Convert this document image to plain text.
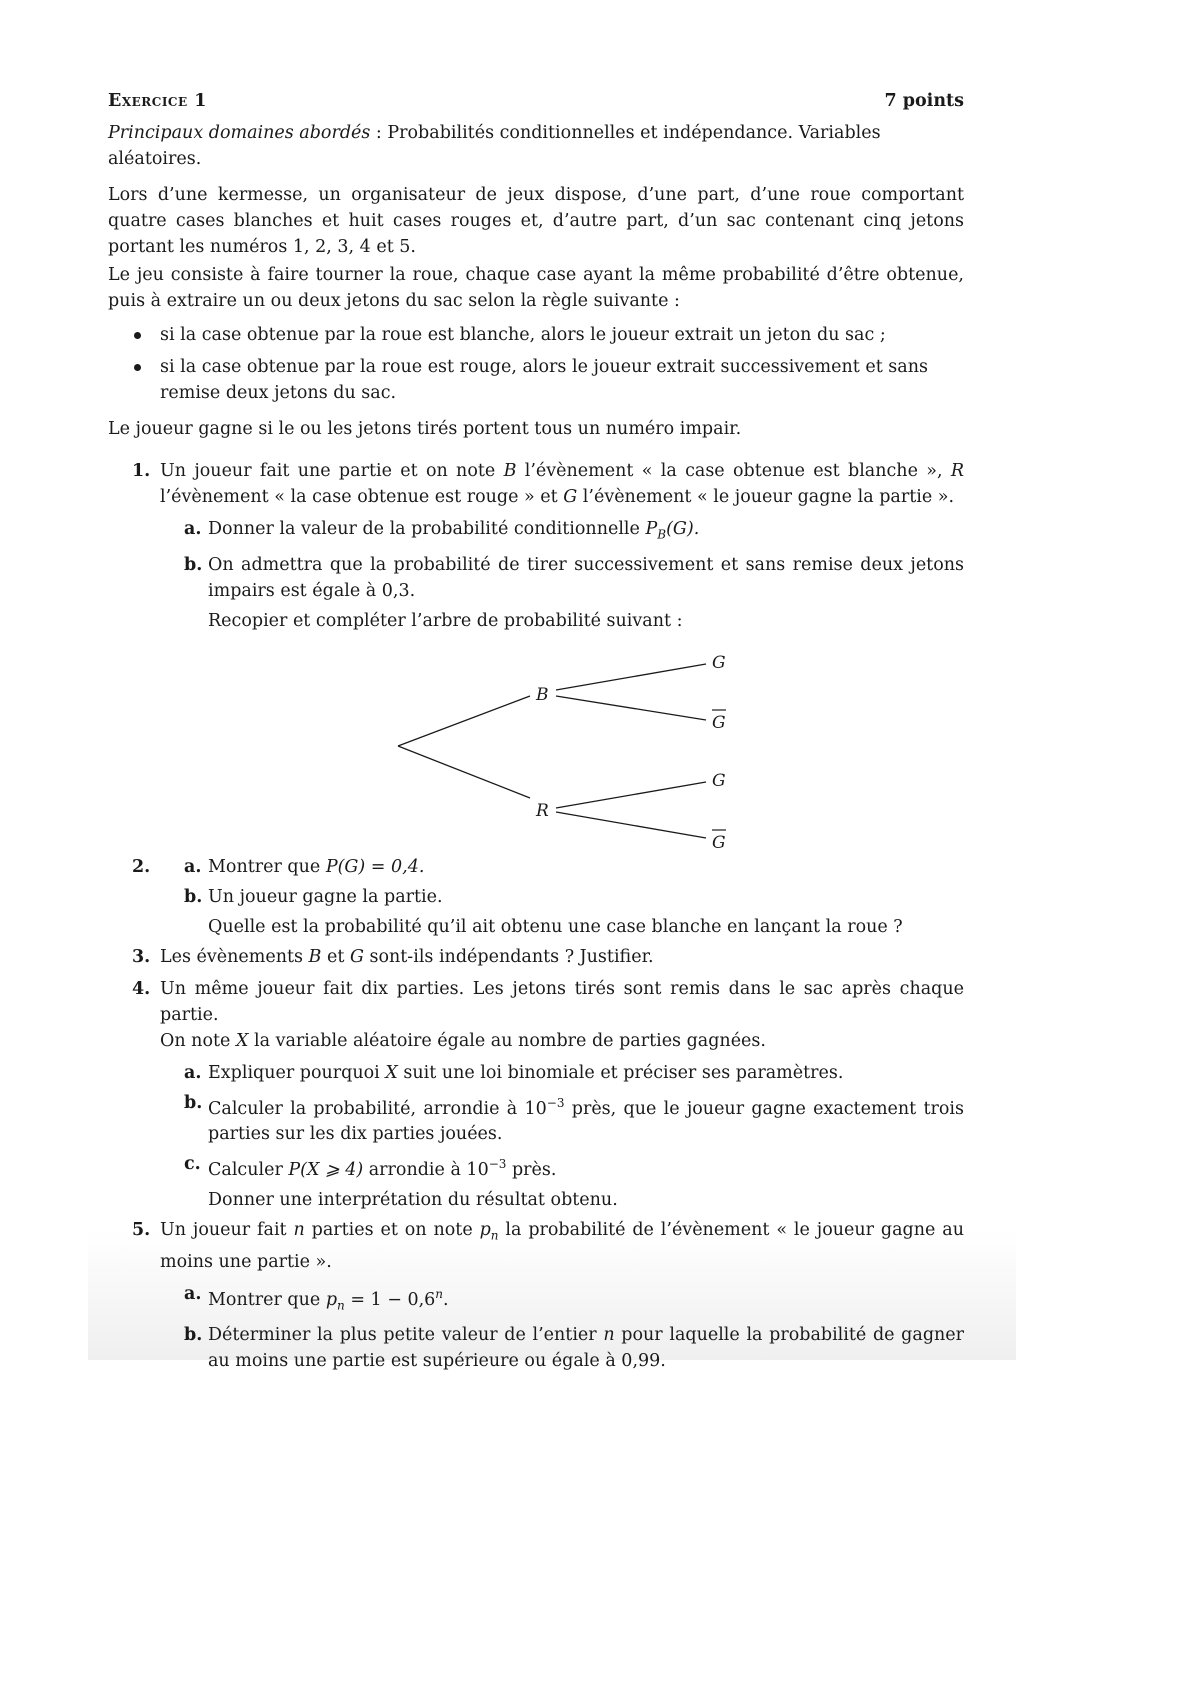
Exercice 1	7 points

Principaux domaines abordés : Probabilités conditionnelles et indépendance. Variables aléatoires.

Lors d’une kermesse, un organisateur de jeux dispose, d’une part, d’une roue comportant quatre cases blanches et huit cases rouges et, d’autre part, d’un sac contenant cinq jetons portant les numéros 1, 2, 3, 4 et 5.

Le jeu consiste à faire tourner la roue, chaque case ayant la même probabilité d’être obtenue, puis à extraire un ou deux jetons du sac selon la règle suivante :

si la case obtenue par la roue est blanche, alors le joueur extrait un jeton du sac ;
si la case obtenue par la roue est rouge, alors le joueur extrait successivement et sans remise deux jetons du sac.

Le joueur gagne si le ou les jetons tirés portent tous un numéro impair.

1. Un joueur fait une partie et on note B l’évènement « la case obtenue est blanche », R l’évènement « la case obtenue est rouge » et G l’évènement « le joueur gagne la partie ».
a. Donner la valeur de la probabilité conditionnelle $P_B(G)$.
b. On admettra que la probabilité de tirer successivement et sans remise deux jetons impairs est égale à 0,3.
Recopier et compléter l’arbre de probabilité suivant :
B
R
G
G
G
G
2. a. Montrer que P(G) = 0,4.
b. Un joueur gagne la partie.
Quelle est la probabilité qu’il ait obtenu une case blanche en lançant la roue ?
3. Les évènements B et G sont-ils indépendants ? Justifier.
4. Un même joueur fait dix parties. Les jetons tirés sont remis dans le sac après chaque partie.
On note X la variable aléatoire égale au nombre de parties gagnées.
a. Expliquer pourquoi X suit une loi binomiale et préciser ses paramètres.
b. Calculer la probabilité, arrondie à $10^{-3}$ près, que le joueur gagne exactement trois parties sur les dix parties jouées.
c. Calculer P(X ⩾ 4) arrondie à $10^{-3}$ près.
Donner une interprétation du résultat obtenu.
5. Un joueur fait n parties et on note $p_n$ la probabilité de l’évènement « le joueur gagne au moins une partie ».
a. Montrer que $p_n = 1 - 0,6^n$.
b. Déterminer la plus petite valeur de l’entier n pour laquelle la probabilité de gagner au moins une partie est supérieure ou égale à 0,99.
